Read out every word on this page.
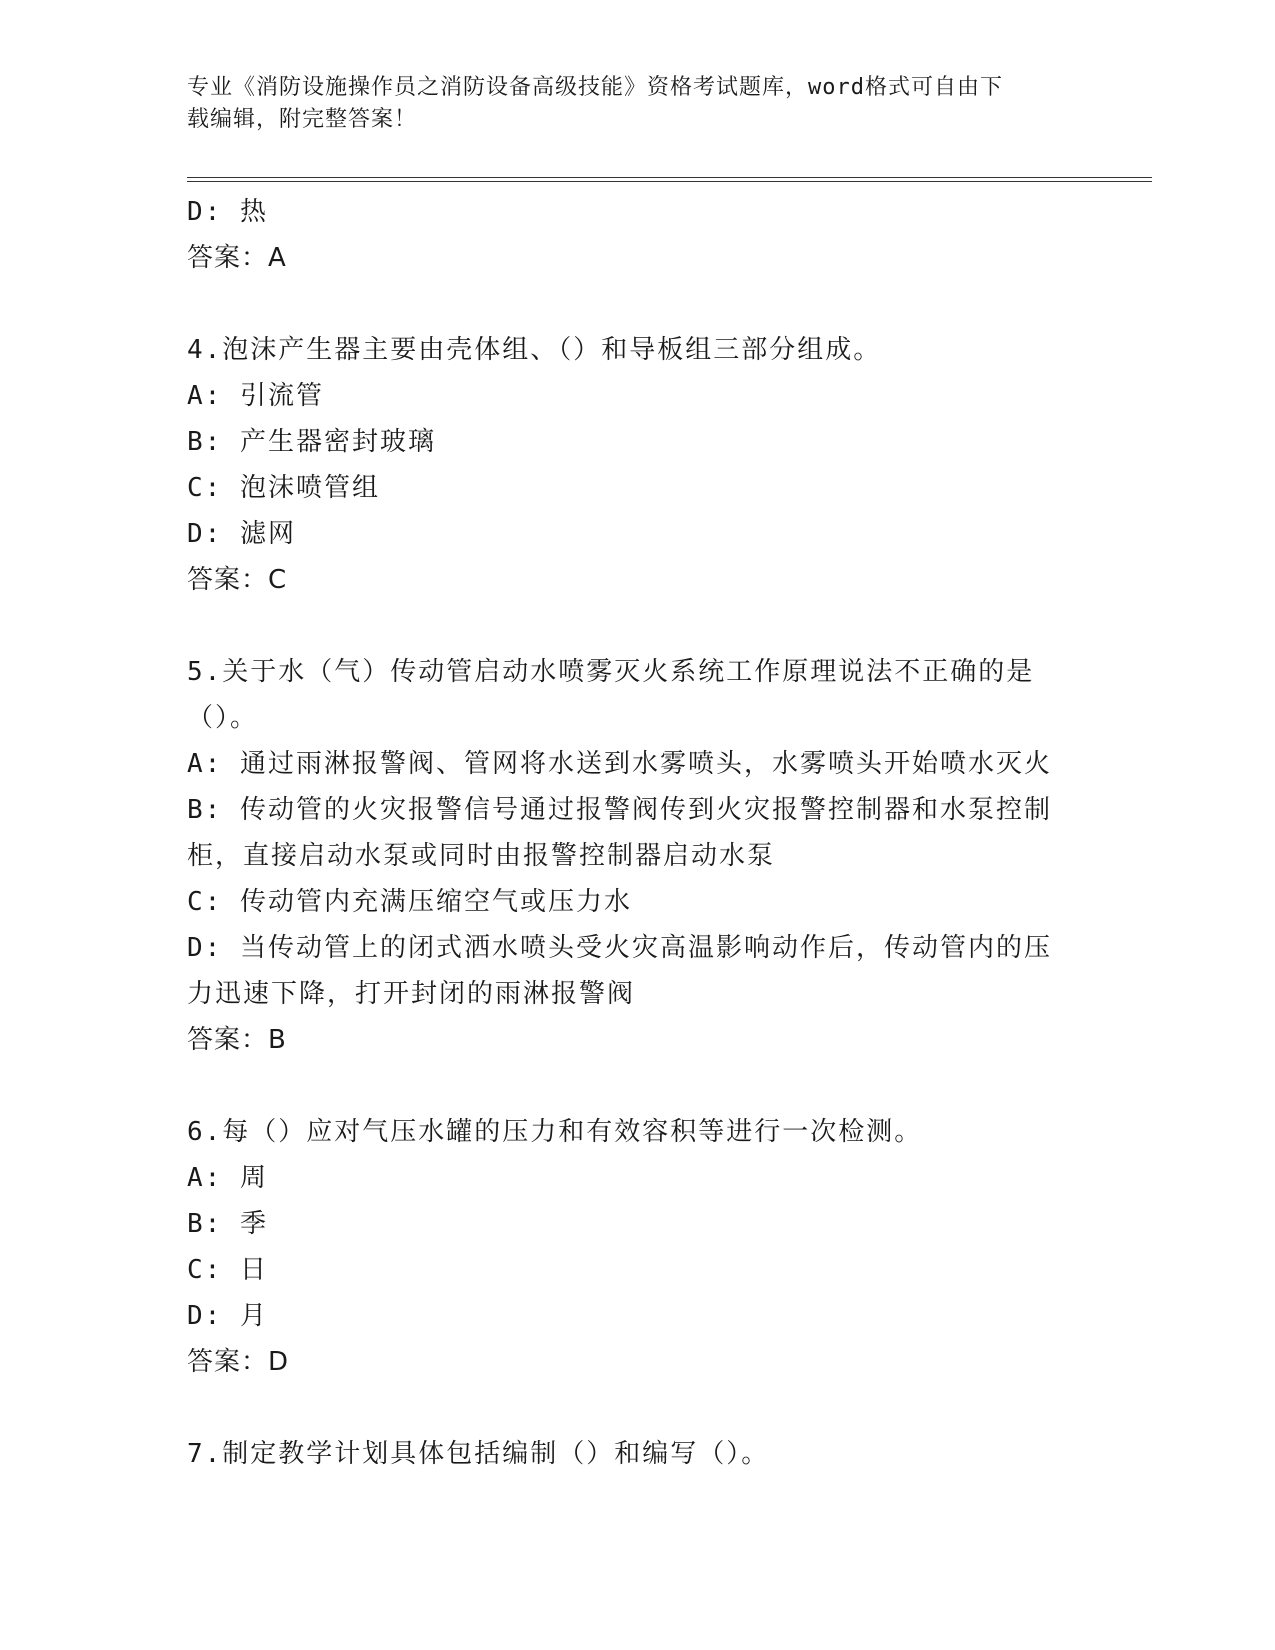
专业《消防设施操作员之消防设备高级技能》资格考试题库，word格式可自由下
载编辑，附完整答案！
D: 热
答案：A
4.泡沫产生器主要由壳体组、（）和导板组三部分组成。
A: 引流管
B: 产生器密封玻璃
C: 泡沫喷管组
D: 滤网
答案：C
5.关于水（气）传动管启动水喷雾灭火系统工作原理说法不正确的是
（）。
A: 通过雨淋报警阀、管网将水送到水雾喷头，水雾喷头开始喷水灭火
B: 传动管的火灾报警信号通过报警阀传到火灾报警控制器和水泵控制
柜，直接启动水泵或同时由报警控制器启动水泵
C: 传动管内充满压缩空气或压力水
D: 当传动管上的闭式洒水喷头受火灾高温影响动作后，传动管内的压
力迅速下降，打开封闭的雨淋报警阀
答案：B
6.每（）应对气压水罐的压力和有效容积等进行一次检测。
A: 周
B: 季
C: 日
D: 月
答案：D
7.制定教学计划具体包括编制（）和编写（）。
